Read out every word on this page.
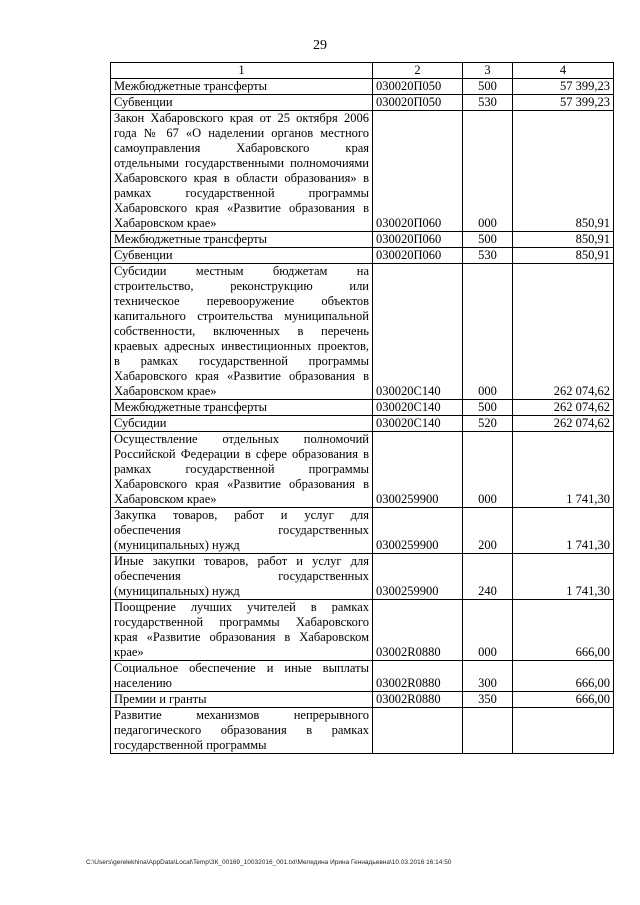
29
1	2	3	4
Межбюджетные трансферты	030020П050	500	57 399,23
Субвенции	030020П050	530	57 399,23
Закон Хабаровского края от 25 октября 2006 года № 67 «О наделении органов местного самоуправления Хабаровского края отдельными государственными полномочиями Хабаровского края в области образования» в рамках государственной программы Хабаровского края «Развитие образования в Хабаровском крае»	030020П060	000	850,91
Межбюджетные трансферты	030020П060	500	850,91
Субвенции	030020П060	530	850,91
Субсидии местным бюджетам на строительство, реконструкцию или техническое перевооружение объектов капитального строительства муниципальной собственности, включенных в перечень краевых адресных инвестиционных проектов, в рамках государственной программы Хабаровского края «Развитие образования в Хабаровском крае»	030020С140	000	262 074,62
Межбюджетные трансферты	030020С140	500	262 074,62
Субсидии	030020С140	520	262 074,62
Осуществление отдельных полномочий Российской Федерации в сфере образования в рамках государственной программы Хабаровского края «Развитие образования в Хабаровском крае»	0300259900	000	1 741,30
Закупка товаров, работ и услуг для обеспечения государственных (муниципальных) нужд	0300259900	200	1 741,30
Иные закупки товаров, работ и услуг для обеспечения государственных (муниципальных) нужд	0300259900	240	1 741,30
Поощрение лучших учителей в рамках государственной программы Хабаровского края «Развитие образования в Хабаровском крае»	03002R0880	000	666,00
Социальное обеспечение и иные выплаты населению	03002R0880	300	666,00
Премии и гранты	03002R0880	350	666,00
Развитие механизмов непрерывного педагогического образования в рамках государственной программы			
C:\Users\gerelekhina\AppData\Local\Temp\ЗК_00169_10032016_001.txt\Меледина Ирина Геннадьевна\10.03.2016 16:14:50
